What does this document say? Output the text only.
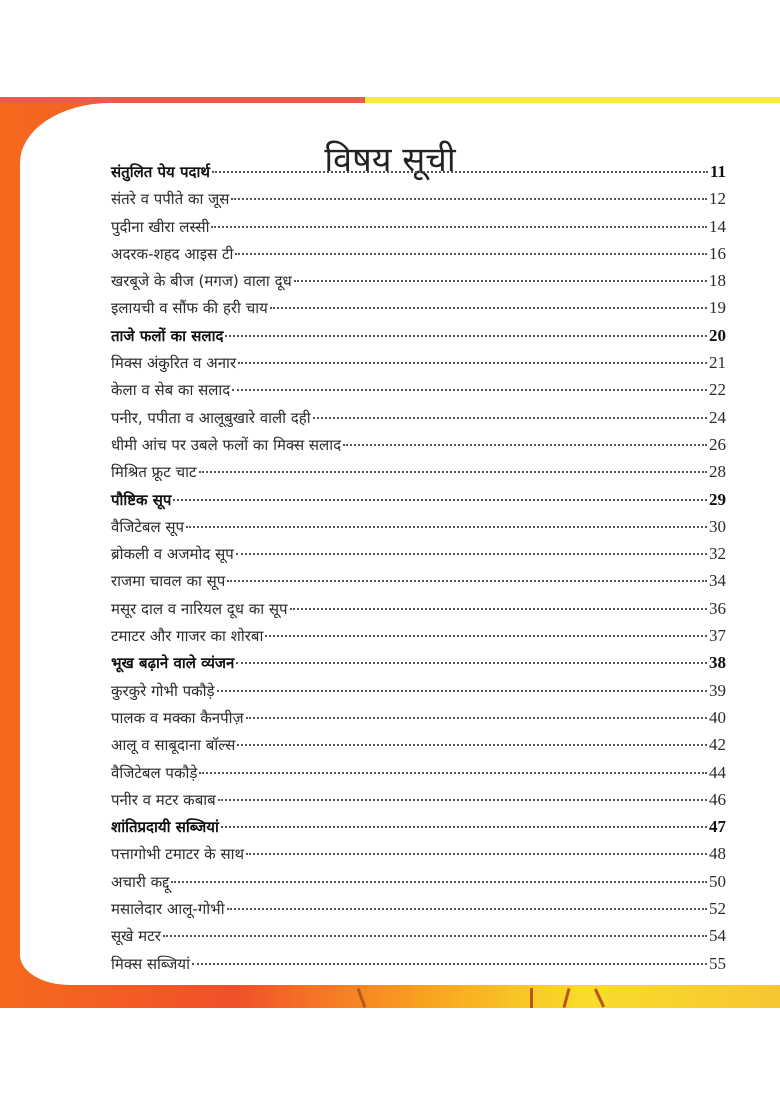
विषय सूची
संतुलित पेय पदार्थ	11
संतरे व पपीते का जूस	12
पुदीना खीरा लस्सी	14
अदरक-शहद आइस टी	16
खरबूजे के बीज (मगज) वाला दूध	18
इलायची व सौंफ की हरी चाय	19
ताजे फलों का सलाद	20
मिक्स अंकुरित व अनार	21
केला व सेब का सलाद	22
पनीर, पपीता व आलूबुखारे वाली दही	24
धीमी आंच पर उबले फलों का मिक्स सलाद	26
मिश्रित फ्रूट चाट	28
पौष्टिक सूप	29
वैजिटेबल सूप	30
ब्रोकली व अजमोद सूप	32
राजमा चावल का सूप	34
मसूर दाल व नारियल दूध का सूप	36
टमाटर और गाजर का शोरबा	37
भूख बढ़ाने वाले व्यंजन	38
कुरकुरे गोभी पकौड़े	39
पालक व मक्का कैनपीज़	40
आलू व साबूदाना बॉल्स	42
वैजिटेबल पकौड़े	44
पनीर व मटर कबाब	46
शांतिप्रदायी सब्जियां	47
पत्तागोभी टमाटर के साथ	48
अचारी कद्दू	50
मसालेदार आलू-गोभी	52
सूखे मटर	54
मिक्स सब्जियां	55
